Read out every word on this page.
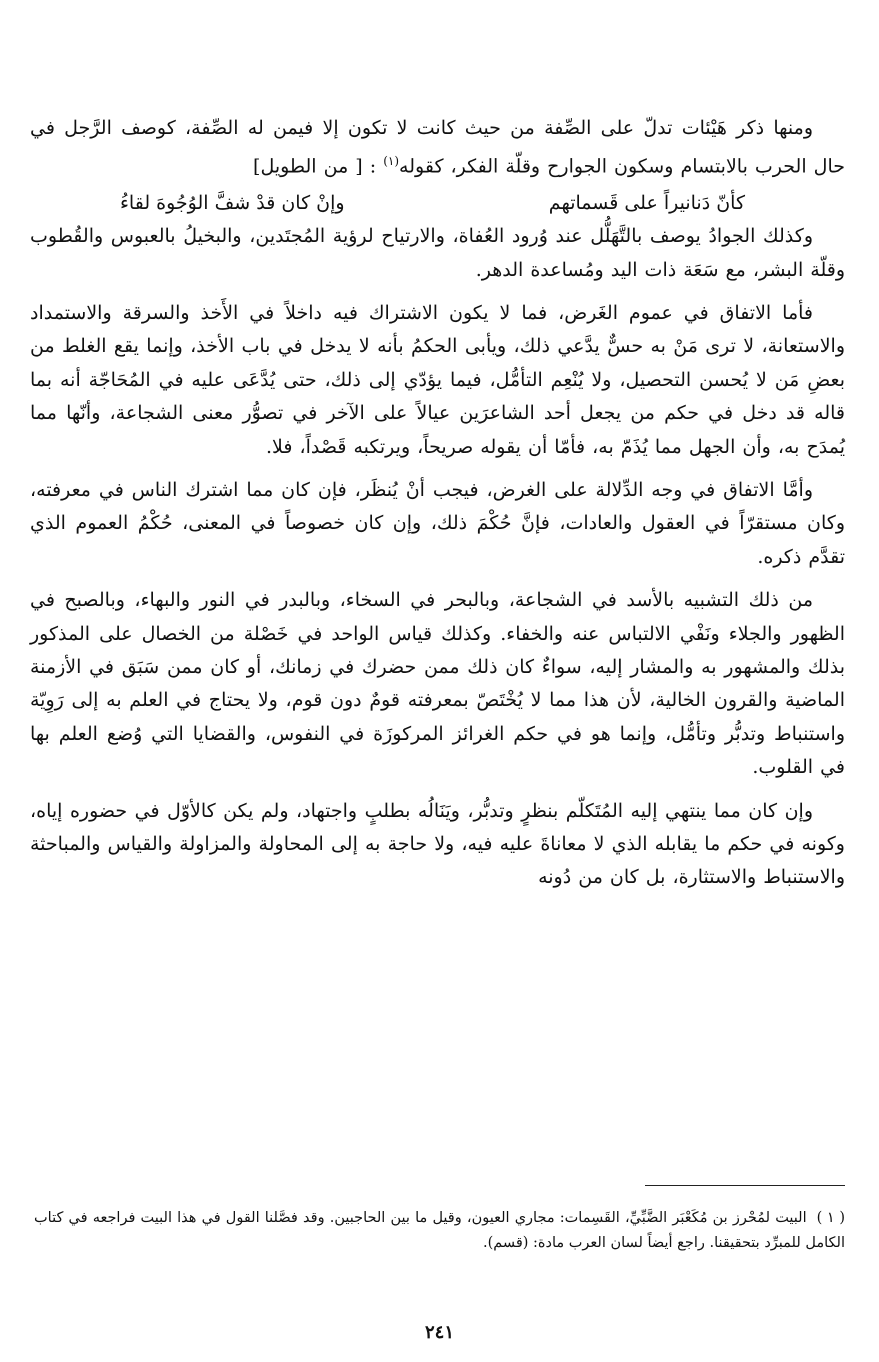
ومنها ذكر هَيْئات تدلّ على الصِّفة من حيث كانت لا تكون إلا فيمن له الصِّفة، كوصف الرَّجل في حال الحرب بالابتسام وسكون الجوارح وقلّة الفكر، كقوله$^{(١)}$ : [ من الطويل]

كأنّ دَنانيراً على قَسماتهم
وإنْ كان قدْ شفَّ الوُجُوهَ لقاءُ

وكذلك الجوادُ يوصف بالتَّهَلُّل عند وُرود العُفاة، والارتياح لرؤية المُجتَدين، والبخيلُ بالعبوس والقُطوب وقلّة البشر، مع سَعَة ذات اليد ومُساعدة الدهر.

فأما الاتفاق في عموم الغَرض، فما لا يكون الاشتراك فيه داخلاً في الأَخذ والسرقة والاستمداد والاستعانة، لا ترى مَنْ به حسٌّ يدَّعي ذلك، ويأبى الحكمُ بأنه لا يدخل في باب الأخذ، وإنما يقع الغلط من بعضِ مَن لا يُحسن التحصيل، ولا يُنْعِم التأمُّل، فيما يؤدّي إلى ذلك، حتى يُدَّعَى عليه في المُحَاجّة أنه بما قاله قد دخل في حكم من يجعل أحد الشاعرَين عيالاً على الآخر في تصوُّر معنى الشجاعة، وأنّها مما يُمدَح به، وأن الجهل مما يُذَمّ به، فأمّا أن يقوله صريحاً، ويرتكبه قَصْداً، فلا.

وأمَّا الاتفاق في وجه الدِّلالة على الغرض، فيجب أنْ يُنظَر، فإن كان مما اشترك الناس في معرفته، وكان مستقرّاً في العقول والعادات، فإنَّ حُكْمَ ذلك، وإن كان خصوصاً في المعنى، حُكْمُ العموم الذي تقدَّم ذكره.

من ذلك التشبيه بالأسد في الشجاعة، وبالبحر في السخاء، وبالبدر في النور والبهاء، وبالصبح في الظهور والجلاء ونَفْي الالتباس عنه والخفاء. وكذلك قياس الواحد في خَصْلة من الخصال على المذكور بذلك والمشهور به والمشار إليه، سواءٌ كان ذلك ممن حضرك في زمانك، أو كان ممن سَبَق في الأزمنة الماضية والقرون الخالية، لأن هذا مما لا يُخْتَصّ بمعرفته قومٌ دون قوم، ولا يحتاج في العلم به إلى رَوِيّة واستنباط وتدبُّر وتأمُّل، وإنما هو في حكم الغرائز المركوزَة في النفوس، والقضايا التي وُضع العلم بها في القلوب.

وإن كان مما ينتهي إليه المُتَكلّم بنظرٍ وتدبُّر، ويَنَالُه بطلبٍ واجتهاد، ولم يكن كالأوّل في حضوره إياه، وكونه في حكم ما يقابله الذي لا معاناةَ عليه فيه، ولا حاجة به إلى المحاولة والمزاولة والقياس والمباحثة والاستنباط والاستثارة، بل كان من دُونه

( ١ )البيت لمُحْرز بن مُكَعْبَر الضَّبِّيِّ، القَسِمات: مجاري العيون، وقيل ما بين الحاجبين. وقد فصَّلنا القول في هذا البيت فراجعه في كتاب الكامل للمبرِّد بتحقيقنا. راجع أيضاً لسان العرب مادة: (قسم).
٢٤١
